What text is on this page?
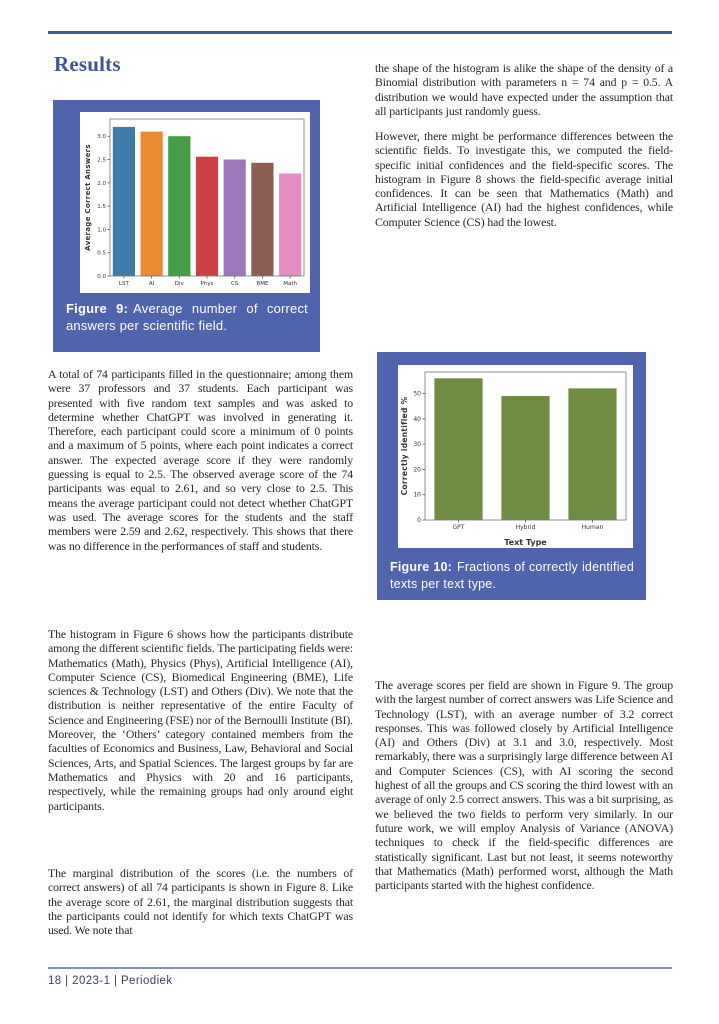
Results
0.0
0.5
1.0
1.5
2.0
2.5
3.0
LST	AI	Div	Phys	CS	BME	Math
Average Correct Answers

Figure 9: Average number of correct answers per scientific field.

A total of 74 participants filled in the questionnaire; among them were 37 professors and 37 students. Each participant was presented with five random text samples and was asked to determine whether ChatGPT was involved in generating it. Therefore, each participant could score a minimum of 0 points and a maximum of 5 points, where each point indicates a correct answer. The expected average score if they were randomly guessing is equal to 2.5. The observed average score of the 74 participants was equal to 2.61, and so very close to 2.5. This means the average participant could not detect whether ChatGPT was used. The average scores for the students and the staff members were 2.59 and 2.62, respectively. This shows that there was no difference in the performances of staff and students.

The histogram in Figure 6 shows how the participants distribute among the different scientific fields. The participating fields were: Mathematics (Math), Physics (Phys), Artificial Intelligence (AI), Computer Science (CS), Biomedical Engineering (BME), Life sciences & Technology (LST) and Others (Div). We note that the distribution is neither representative of the entire Faculty of Science and Engineering (FSE) nor of the Bernoulli Institute (BI). Moreover, the ‘Others’ category contained members from the faculties of Economics and Business, Law, Behavioral and Social Sciences, Arts, and Spatial Sciences. The largest groups by far are Mathematics and Physics with 20 and 16 participants, respectively, while the remaining groups had only around eight participants.

The marginal distribution of the scores (i.e. the numbers of correct answers) of all 74 participants is shown in Figure 8. Like the average score of 2.61, the marginal distribution suggests that the participants could not identify for which texts ChatGPT was used. We note that

the shape of the histogram is alike the shape of the density of a Binomial distribution with parameters n = 74 and p = 0.5. A distribution we would have expected under the assumption that all participants just randomly guess.

However, there might be performance differences between the scientific fields. To investigate this, we computed the field-specific initial confidences and the field-specific scores. The histogram in Figure 8 shows the field-specific average initial confidences. It can be seen that Mathematics (Math) and Artificial Intelligence (AI) had the highest confidences, while Computer Science (CS) had the lowest.

0
10
20
30
40
50
GPT	Hybrid	Human
Correctly identified %
Text Type

Figure 10: Fractions of correctly identified texts per text type.

The average scores per field are shown in Figure 9. The group with the largest number of correct answers was Life Science and Technology (LST), with an average number of 3.2 correct responses. This was followed closely by Artificial Intelligence (AI) and Others (Div) at 3.1 and 3.0, respectively. Most remarkably, there was a surprisingly large difference between AI and Computer Sciences (CS), with AI scoring the second highest of all the groups and CS scoring the third lowest with an average of only 2.5 correct answers. This was a bit surprising, as we believed the two fields to perform very similarly. In our future work, we will employ Analysis of Variance (ANOVA) techniques to check if the field-specific differences are statistically significant. Last but not least, it seems noteworthy that Mathematics (Math) performed worst, although the Math participants started with the highest confidence.

18 | 2023-1 | Periodiek
